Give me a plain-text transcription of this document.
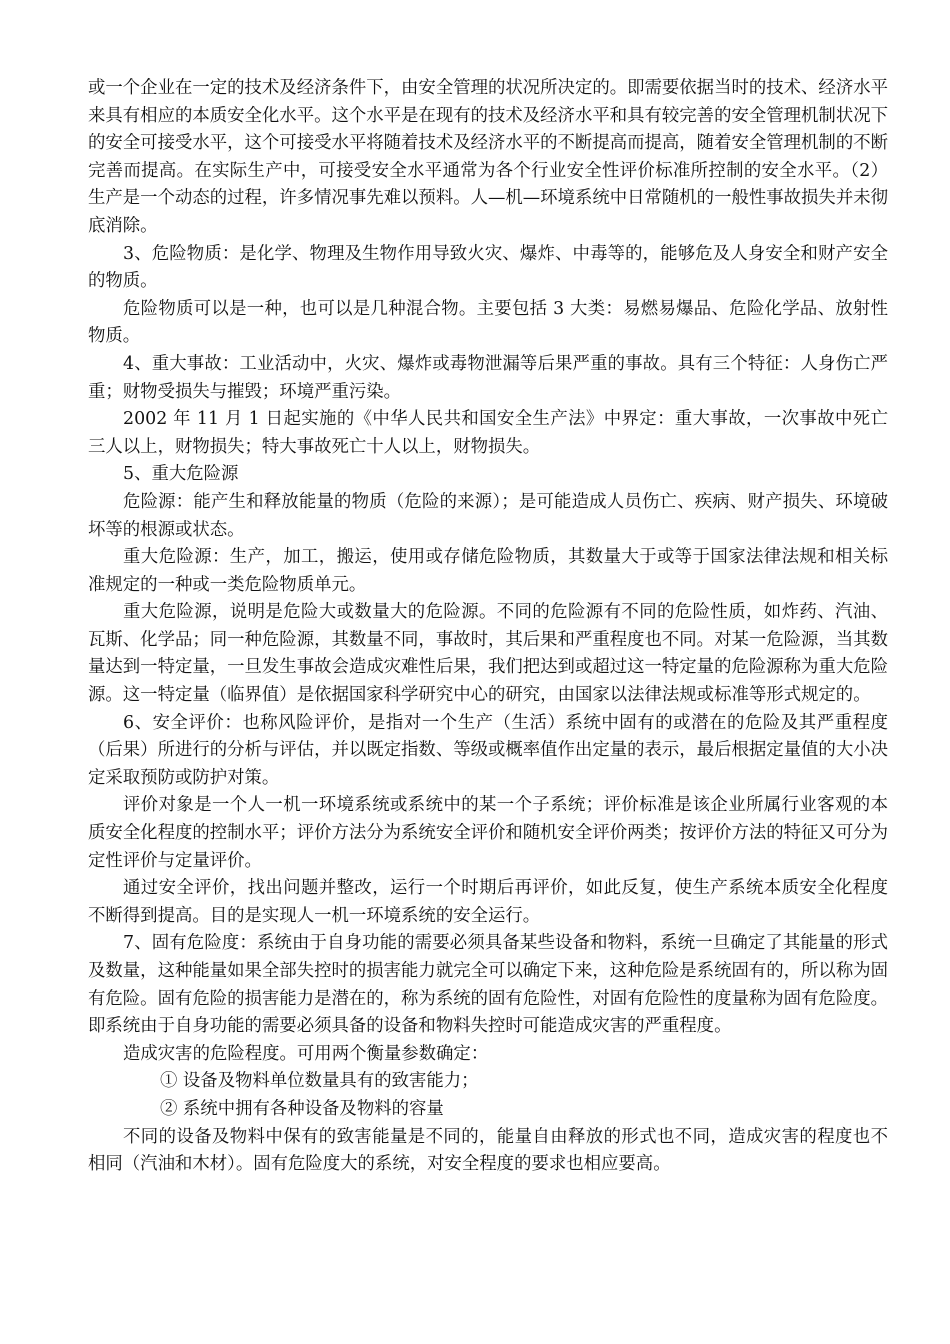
或一个企业在一定的技术及经济条件下，由安全管理的状况所决定的。即需要依据当时的技术、经济水平来具有相应的本质安全化水平。这个水平是在现有的技术及经济水平和具有较完善的安全管理机制状况下的安全可接受水平，这个可接受水平将随着技术及经济水平的不断提高而提高，随着安全管理机制的不断完善而提高。在实际生产中，可接受安全水平通常为各个行业安全性评价标准所控制的安全水平。（2）生产是一个动态的过程，许多情况事先难以预料。人—机—环境系统中日常随机的一般性事故损失并未彻底消除。

3、危险物质：是化学、物理及生物作用导致火灾、爆炸、中毒等的，能够危及人身安全和财产安全的物质。

危险物质可以是一种，也可以是几种混合物。主要包括 3 大类：易燃易爆品、危险化学品、放射性物质。

4、重大事故：工业活动中，火灾、爆炸或毒物泄漏等后果严重的事故。具有三个特征：人身伤亡严重；财物受损失与摧毁；环境严重污染。

2002 年 11 月 1 日起实施的《中华人民共和国安全生产法》中界定：重大事故，一次事故中死亡三人以上，财物损失；特大事故死亡十人以上，财物损失。

5、重大危险源

危险源：能产生和释放能量的物质（危险的来源）；是可能造成人员伤亡、疾病、财产损失、环境破坏等的根源或状态。

重大危险源：生产，加工，搬运，使用或存储危险物质，其数量大于或等于国家法律法规和相关标准规定的一种或一类危险物质单元。

重大危险源，说明是危险大或数量大的危险源。不同的危险源有不同的危险性质，如炸药、汽油、瓦斯、化学品；同一种危险源，其数量不同，事故时，其后果和严重程度也不同。对某一危险源，当其数量达到一特定量，一旦发生事故会造成灾难性后果，我们把达到或超过这一特定量的危险源称为重大危险源。这一特定量（临界值）是依据国家科学研究中心的研究，由国家以法律法规或标准等形式规定的。

6、安全评价：也称风险评价，是指对一个生产（生活）系统中固有的或潜在的危险及其严重程度（后果）所进行的分析与评估，并以既定指数、等级或概率值作出定量的表示，最后根据定量值的大小决定采取预防或防护对策。

评价对象是一个人一机一环境系统或系统中的某一个子系统；评价标准是该企业所属行业客观的本质安全化程度的控制水平；评价方法分为系统安全评价和随机安全评价两类；按评价方法的特征又可分为定性评价与定量评价。

通过安全评价，找出问题并整改，运行一个时期后再评价，如此反复，使生产系统本质安全化程度不断得到提高。目的是实现人一机一环境系统的安全运行。

7、固有危险度：系统由于自身功能的需要必须具备某些设备和物料，系统一旦确定了其能量的形式及数量，这种能量如果全部失控时的损害能力就完全可以确定下来，这种危险是系统固有的，所以称为固有危险。固有危险的损害能力是潜在的，称为系统的固有危险性，对固有危险性的度量称为固有危险度。即系统由于自身功能的需要必须具备的设备和物料失控时可能造成灾害的严重程度。

造成灾害的危险程度。可用两个衡量参数确定：

① 设备及物料单位数量具有的致害能力；

② 系统中拥有各种设备及物料的容量

不同的设备及物料中保有的致害能量是不同的，能量自由释放的形式也不同，造成灾害的程度也不相同（汽油和木材）。固有危险度大的系统，对安全程度的要求也相应要高。
